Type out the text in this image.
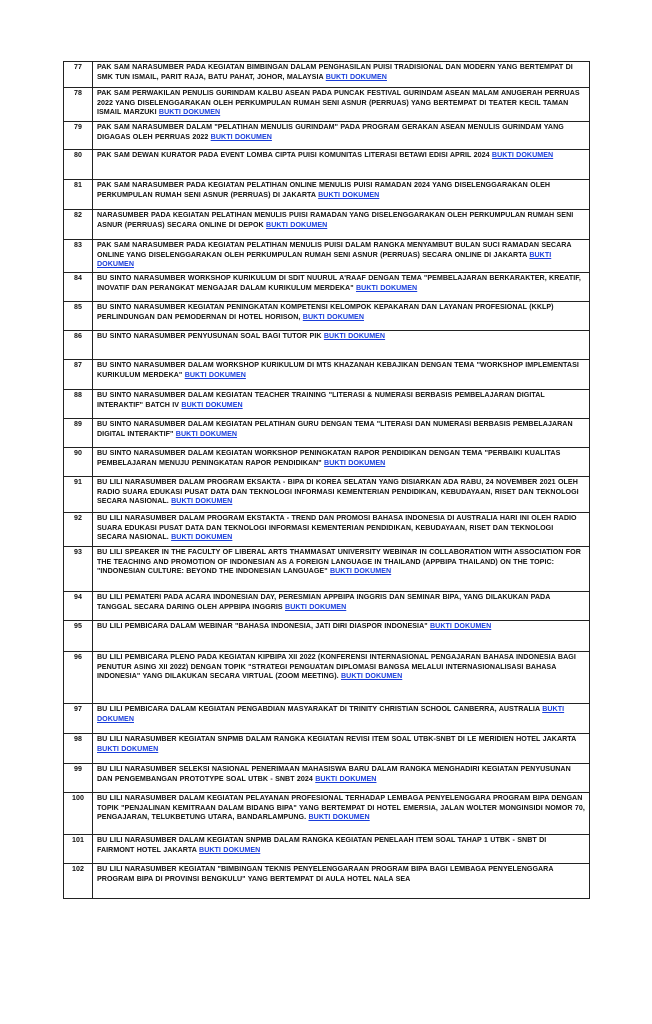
77	PAK SAM NARASUMBER PADA KEGIATAN BIMBINGAN DALAM PENGHASILAN PUISI TRADISIONAL DAN MODERN YANG BERTEMPAT DI SMK TUN ISMAIL, PARIT RAJA, BATU PAHAT, JOHOR, MALAYSIA BUKTI DOKUMEN
78	PAK SAM PERWAKILAN PENULIS GURINDAM KALBU ASEAN PADA PUNCAK FESTIVAL GURINDAM ASEAN MALAM ANUGERAH PERRUAS 2022 YANG DISELENGGARAKAN OLEH PERKUMPULAN RUMAH SENI ASNUR (PERRUAS) YANG BERTEMPAT DI TEATER KECIL TAMAN ISMAIL MARZUKI BUKTI DOKUMEN
79	PAK SAM NARASUMBER DALAM "PELATIHAN MENULIS GURINDAM" PADA PROGRAM GERAKAN ASEAN MENULIS GURINDAM YANG DIGAGAS OLEH PERRUAS 2022 BUKTI DOKUMEN
80	PAK SAM DEWAN KURATOR PADA EVENT LOMBA CIPTA PUISI KOMUNITAS LITERASI BETAWI EDISI APRIL 2024 BUKTI DOKUMEN
81	PAK SAM NARASUMBER PADA KEGIATAN PELATIHAN ONLINE MENULIS PUISI RAMADAN 2024 YANG DISELENGGARAKAN OLEH PERKUMPULAN RUMAH SENI ASNUR (PERRUAS) DI JAKARTA BUKTI DOKUMEN
82	NARASUMBER PADA KEGIATAN PELATIHAN MENULIS PUISI RAMADAN YANG DISELENGGARAKAN OLEH PERKUMPULAN RUMAH SENI ASNUR (PERRUAS) SECARA ONLINE DI DEPOK BUKTI DOKUMEN
83	PAK SAM NARASUMBER PADA KEGIATAN PELATIHAN MENULIS PUISI DALAM RANGKA MENYAMBUT BULAN SUCI RAMADAN SECARA ONLINE YANG DISELENGGARAKAN OLEH PERKUMPULAN RUMAH SENI ASNUR (PERRUAS) SECARA ONLINE DI JAKARTA BUKTI DOKUMEN
84	BU SINTO NARASUMBER WORKSHOP KURIKULUM DI SDIT NUURUL A'RAAF DENGAN TEMA "PEMBELAJARAN BERKARAKTER, KREATIF, INOVATIF DAN PERANGKAT MENGAJAR DALAM KURIKULUM MERDEKA" BUKTI DOKUMEN
85	BU SINTO NARASUMBER KEGIATAN PENINGKATAN KOMPETENSI KELOMPOK KEPAKARAN DAN LAYANAN PROFESIONAL (KKLP) PERLINDUNGAN DAN PEMODERNAN DI HOTEL HORISON, BUKTI DOKUMEN
86	BU SINTO NARASUMBER PENYUSUNAN SOAL BAGI TUTOR PIK BUKTI DOKUMEN
87	BU SINTO NARASUMBER DALAM WORKSHOP KURIKULUM DI MTS KHAZANAH KEBAJIKAN DENGAN TEMA "WORKSHOP IMPLEMENTASI KURIKULUM MERDEKA" BUKTI DOKUMEN
88	BU SINTO NARASUMBER DALAM KEGIATAN TEACHER TRAINING "LITERASI & NUMERASI BERBASIS PEMBELAJARAN DIGITAL INTERAKTIF" BATCH IV BUKTI DOKUMEN
89	BU SINTO NARASUMBER DALAM KEGIATAN PELATIHAN GURU DENGAN TEMA "LITERASI DAN NUMERASI BERBASIS PEMBELAJARAN DIGITAL INTERAKTIF" BUKTI DOKUMEN
90	BU SINTO NARASUMBER DALAM KEGIATAN WORKSHOP PENINGKATAN RAPOR PENDIDIKAN DENGAN TEMA "PERBAIKI KUALITAS PEMBELAJARAN MENUJU PENINGKATAN RAPOR PENDIDIKAN" BUKTI DOKUMEN
91	BU LILI NARASUMBER DALAM PROGRAM EKSAKTA - BIPA DI KOREA SELATAN YANG DISIARKAN ADA RABU, 24 NOVEMBER 2021 OLEH RADIO SUARA EDUKASI PUSAT DATA DAN TEKNOLOGI INFORMASI KEMENTERIAN PENDIDIKAN, KEBUDAYAAN, RISET DAN TEKNOLOGI SECARA NASIONAL. BUKTI DOKUMEN
92	BU LILI NARASUMBER DALAM PROGRAM EKSTAKTA - TREND DAN PROMOSI BAHASA INDONESIA DI AUSTRALIA HARI INI OLEH RADIO SUARA EDUKASI PUSAT DATA DAN TEKNOLOGI INFORMASI KEMENTERIAN PENDIDIKAN, KEBUDAYAAN, RISET DAN TEKNOLOGI SECARA NASIONAL. BUKTI DOKUMEN
93	BU LILI SPEAKER IN THE FACULTY OF LIBERAL ARTS THAMMASAT UNIVERSITY WEBINAR IN COLLABORATION WITH ASSOCIATION FOR THE TEACHING AND PROMOTION OF INDONESIAN AS A FOREIGN LANGUAGE IN THAILAND (APPBIPA THAILAND) ON THE TOPIC: "INDONESIAN CULTURE: BEYOND THE INDONESIAN LANGUAGE" BUKTI DOKUMEN
94	BU LILI PEMATERI PADA ACARA INDONESIAN DAY, PERESMIAN APPBIPA INGGRIS DAN SEMINAR BIPA, YANG DILAKUKAN PADA TANGGAL SECARA DARING OLEH APPBIPA INGGRIS BUKTI DOKUMEN
95	BU LILI PEMBICARA DALAM WEBINAR "BAHASA INDONESIA, JATI DIRI DIASPOR INDONESIA" BUKTI DOKUMEN
96	BU LILI PEMBICARA PLENO PADA KEGIATAN KIPBIPA XII 2022 (KONFERENSI INTERNASIONAL PENGAJARAN BAHASA INDONESIA BAGI PENUTUR ASING XII 2022) DENGAN TOPIK "STRATEGI PENGUATAN DIPLOMASI BANGSA MELALUI INTERNASIONALISASI BAHASA INDONESIA" YANG DILAKUKAN SECARA VIRTUAL (ZOOM MEETING). BUKTI DOKUMEN
97	BU LILI PEMBICARA DALAM KEGIATAN PENGABDIAN MASYARAKAT DI TRINITY CHRISTIAN SCHOOL CANBERRA, AUSTRALIA BUKTI DOKUMEN
98	BU LILI NARASUMBER KEGIATAN SNPMB DALAM RANGKA KEGIATAN REVISI ITEM SOAL UTBK-SNBT DI LE MERIDIEN HOTEL JAKARTA BUKTI DOKUMEN
99	BU LILI NARASUMBER SELEKSI NASIONAL PENERIMAAN MAHASISWA BARU DALAM RANGKA MENGHADIRI KEGIATAN PENYUSUNAN DAN PENGEMBANGAN PROTOTYPE SOAL UTBK - SNBT 2024 BUKTI DOKUMEN
100	BU LILI NARASUMBER DALAM KEGIATAN PELAYANAN PROFESIONAL TERHADAP LEMBAGA PENYELENGGARA PROGRAM BIPA DENGAN TOPIK "PENJALINAN KEMITRAAN DALAM BIDANG BIPA" YANG BERTEMPAT DI HOTEL EMERSIA, JALAN WOLTER MONGINSIDI NOMOR 70, PENGAJARAN, TELUKBETUNG UTARA, BANDARLAMPUNG. BUKTI DOKUMEN
101	BU LILI NARASUMBER DALAM KEGIATAN SNPMB DALAM RANGKA KEGIATAN PENELAAH ITEM SOAL TAHAP 1 UTBK - SNBT DI FAIRMONT HOTEL JAKARTA BUKTI DOKUMEN
102	BU LILI NARASUMBER KEGIATAN "BIMBINGAN TEKNIS PENYELENGGARAAN PROGRAM BIPA BAGI LEMBAGA PENYELENGGARA PROGRAM BIPA DI PROVINSI BENGKULU" YANG BERTEMPAT DI AULA HOTEL NALA SEA
